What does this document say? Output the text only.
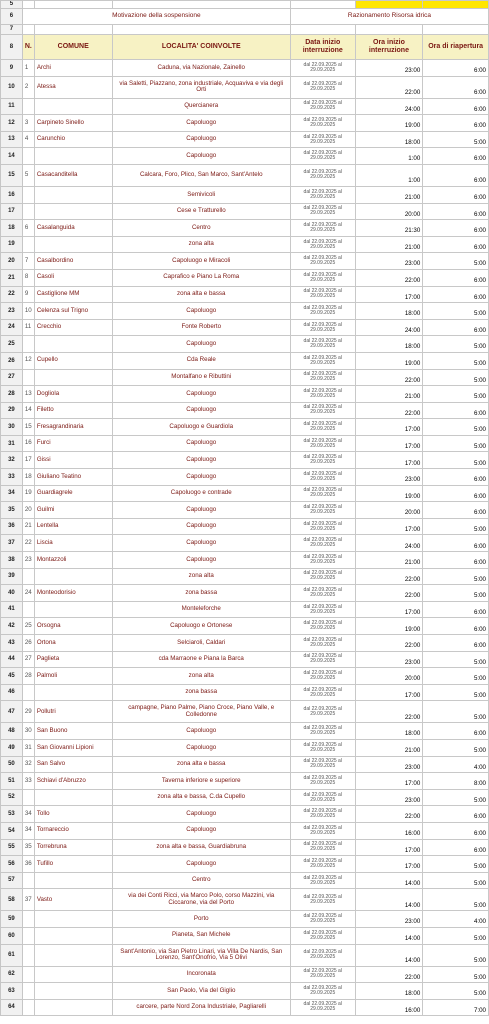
5						
6	Motivazione della sospensione			Razionamento Risorsa idrica		
7						
8	N.	COMUNE	LOCALITA' COINVOLTE	Data inizio interruzione	Ora inizio interruzione	Ora di riapertura
9	1	Archi	Caduna, via Nazionale, Zainello	dal 22.09.2025 al 29.09.2025	23:00	6:00
10	2	Atessa	via Saletti, Piazzano, zona industriale, Acquaviva e via degli Orti	dal 22.09.2025 al 29.09.2025	22:00	6:00
11			Quercianera	dal 22.09.2025 al 29.09.2025	24:00	6:00
12	3	Carpineto Sinello	Capoluogo	dal 22.09.2025 al 29.09.2025	19:00	6:00
13	4	Carunchio	Capoluogo	dal 22.09.2025 al 29.09.2025	18:00	5:00
14			Capoluogo	dal 22.09.2025 al 29.09.2025	1:00	6:00
15	5	Casacanditella	Calcara, Foro, Plico, San Marco, Sant'Antelo	dal 22.09.2025 al 29.09.2025	1:00	6:00
16			Semivicoli	dal 22.09.2025 al 29.09.2025	21:00	6:00
17			Cese e Tratturello	dal 22.09.2025 al 29.09.2025	20:00	6:00
18	6	Casalanguida	Centro	dal 22.09.2025 al 29.09.2025	21:30	6:00
19			zona alta	dal 22.09.2025 al 29.09.2025	21:00	6:00
20	7	Casalbordino	Capoluogo e Miracoli	dal 22.09.2025 al 29.09.2025	23:00	5:00
21	8	Casoli	Caprafico e Piano La Roma	dal 22.09.2025 al 29.09.2025	22:00	6:00
22	9	Castiglione MM	zona alta e bassa	dal 22.09.2025 al 29.09.2025	17:00	6:00
23	10	Celenza sul Trigno	Capoluogo	dal 22.09.2025 al 29.09.2025	18:00	5:00
24	11	Crecchio	Fonte Roberto	dal 22.09.2025 al 29.09.2025	24:00	6:00
25			Capoluogo	dal 22.09.2025 al 29.09.2025	18:00	5:00
26	12	Cupello	Cda Reale	dal 22.09.2025 al 29.09.2025	19:00	5:00
27			Montalfano e Ributtini	dal 22.09.2025 al 29.09.2025	22:00	5:00
28	13	Dogliola	Capoluogo	dal 22.09.2025 al 29.09.2025	21:00	5:00
29	14	Filetto	Capoluogo	dal 22.09.2025 al 29.09.2025	22:00	6:00
30	15	Fresagrandinaria	Capoluogo e Guardiola	dal 22.09.2025 al 29.09.2025	17:00	5:00
31	16	Furci	Capoluogo	dal 22.09.2025 al 29.09.2025	17:00	5:00
32	17	Gissi	Capoluogo	dal 22.09.2025 al 29.09.2025	17:00	5:00
33	18	Giuliano Teatino	Capoluogo	dal 22.09.2025 al 29.09.2025	23:00	6:00
34	19	Guardiagrele	Capoluogo e contrade	dal 22.09.2025 al 29.09.2025	19:00	6:00
35	20	Guilmi	Capoluogo	dal 22.09.2025 al 29.09.2025	20:00	6:00
36	21	Lentella	Capoluogo	dal 22.09.2025 al 29.09.2025	17:00	5:00
37	22	Liscia	Capoluogo	dal 22.09.2025 al 29.09.2025	24:00	6:00
38	23	Montazzoli	Capoluogo	dal 22.09.2025 al 29.09.2025	21:00	6:00
39			zona alta	dal 22.09.2025 al 29.09.2025	22:00	5:00
40	24	Monteodorisio	zona bassa	dal 22.09.2025 al 29.09.2025	22:00	5:00
41			Monteleforche	dal 22.09.2025 al 29.09.2025	17:00	6:00
42	25	Orsogna	Capoluogo e Ortonese	dal 22.09.2025 al 29.09.2025	19:00	6:00
43	26	Ortona	Selciaroli, Caldari	dal 22.09.2025 al 29.09.2025	22:00	6:00
44	27	Paglieta	cda Marraone e Piana la Barca	dal 22.09.2025 al 29.09.2025	23:00	5:00
45	28	Palmoli	zona alta	dal 22.09.2025 al 29.09.2025	20:00	5:00
46			zona bassa	dal 22.09.2025 al 29.09.2025	17:00	5:00
47	29	Pollutri	campagne, Piano Palme, Piano Croce, Piano Valle, e Colledonne	dal 22.09.2025 al 29.09.2025	22:00	5:00
48	30	San Buono	Capoluogo	dal 22.09.2025 al 29.09.2025	18:00	6:00
49	31	San Giovanni Lipioni	Capoluogo	dal 22.09.2025 al 29.09.2025	21:00	5:00
50	32	San Salvo	zona alta e bassa	dal 22.09.2025 al 29.09.2025	23:00	4:00
51	33	Schiavi d'Abruzzo	Taverna inferiore e superiore	dal 22.09.2025 al 29.09.2025	17:00	8:00
52			zona alta e bassa, C.da Cupello	dal 22.09.2025 al 29.09.2025	23:00	5:00
53	34	Tollo	Capoluogo	dal 22.09.2025 al 29.09.2025	22:00	6:00
54	34	Tornareccio	Capoluogo	dal 22.09.2025 al 29.09.2025	16:00	6:00
55	35	Torrebruna	zona alta e bassa, Guardiabruna	dal 22.09.2025 al 29.09.2025	17:00	6:00
56	36	Tufillo	Capoluogo	dal 22.09.2025 al 29.09.2025	17:00	5:00
57			Centro	dal 22.09.2025 al 29.09.2025	14:00	5:00
58	37	Vasto	via dei Conti Ricci, via Marco Polo, corso Mazzini, via Ciccarone, via del Porto	dal 22.09.2025 al 29.09.2025	14:00	5:00
59			Porto	dal 22.09.2025 al 29.09.2025	23:00	4:00
60			Pianeta, San Michele	dal 22.09.2025 al 29.09.2025	14:00	5:00
61			Sant'Antonio, via San Pietro Linari, via Villa De Nardis, San Lorenzo, Sant'Onofrio, Via 5 Olivi	dal 22.09.2025 al 29.09.2025	14:00	5:00
62			Incoronata	dal 22.09.2025 al 29.09.2025	22:00	5:00
63			San Paolo, Via del Giglio	dal 22.09.2025 al 29.09.2025	18:00	5:00
64			carcere, parte Nord Zona Industriale, Pagliarelli	dal 22.09.2025 al 29.09.2025	16:00	7:00
